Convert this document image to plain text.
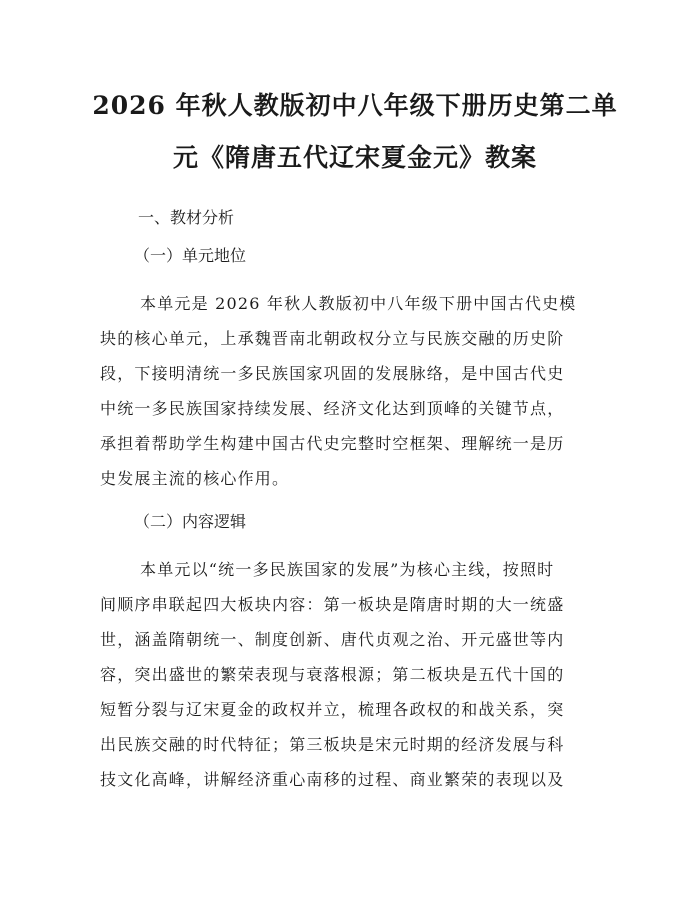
2026 年秋人教版初中八年级下册历史第二单
元《隋唐五代辽宋夏金元》教案

一、教材分析

（一）单元地位

本单元是 2026 年秋人教版初中八年级下册中国古代史模
块的核心单元，上承魏晋南北朝政权分立与民族交融的历史阶
段，下接明清统一多民族国家巩固的发展脉络，是中国古代史
中统一多民族国家持续发展、经济文化达到顶峰的关键节点，
承担着帮助学生构建中国古代史完整时空框架、理解统一是历
史发展主流的核心作用。

（二）内容逻辑

本单元以“统一多民族国家的发展”为核心主线，按照时
间顺序串联起四大板块内容：第一板块是隋唐时期的大一统盛
世，涵盖隋朝统一、制度创新、唐代贞观之治、开元盛世等内
容，突出盛世的繁荣表现与衰落根源；第二板块是五代十国的
短暂分裂与辽宋夏金的政权并立，梳理各政权的和战关系，突
出民族交融的时代特征；第三板块是宋元时期的经济发展与科
技文化高峰，讲解经济重心南移的过程、商业繁荣的表现以及
